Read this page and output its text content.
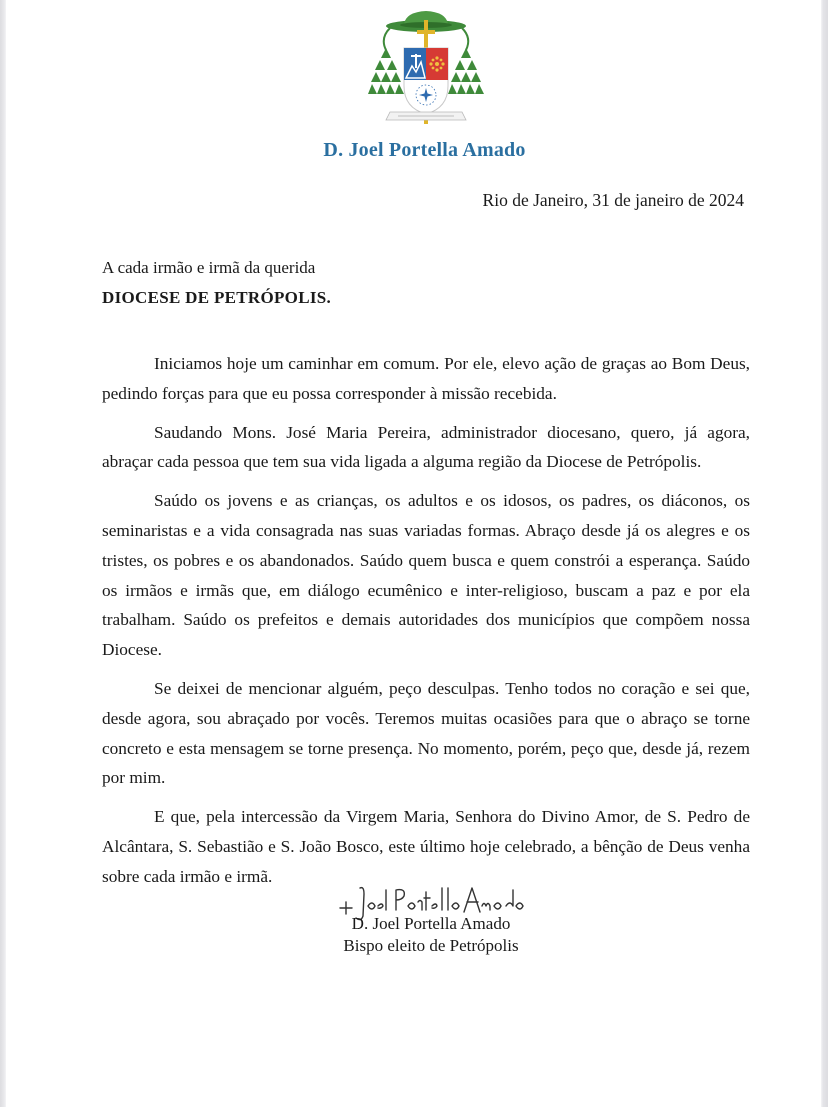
D. Joel Portella Amado
Rio de Janeiro, 31 de janeiro de 2024
A cada irmão e irmã da querida
DIOCESE DE PETRÓPOLIS.

Iniciamos hoje um caminhar em comum. Por ele, elevo ação de graças ao Bom Deus, pedindo forças para que eu possa corresponder à missão recebida.

Saudando Mons. José Maria Pereira, administrador diocesano, quero, já agora, abraçar cada pessoa que tem sua vida ligada a alguma região da Diocese de Petrópolis.

Saúdo os jovens e as crianças, os adultos e os idosos, os padres, os diáconos, os seminaristas e a vida consagrada nas suas variadas formas. Abraço desde já os alegres e os tristes, os pobres e os abandonados. Saúdo quem busca e quem constrói a esperança. Saúdo os irmãos e irmãs que, em diálogo ecumênico e inter-religioso, buscam a paz e por ela trabalham. Saúdo os prefeitos e demais autoridades dos municípios que compõem nossa Diocese.

Se deixei de mencionar alguém, peço desculpas. Tenho todos no coração e sei que, desde agora, sou abraçado por vocês. Teremos muitas ocasiões para que o abraço se torne concreto e esta mensagem se torne presença. No momento, porém, peço que, desde já, rezem por mim.

E que, pela intercessão da Virgem Maria, Senhora do Divino Amor, de S. Pedro de Alcântara, S. Sebastião e S. João Bosco, este último hoje celebrado, a bênção de Deus venha sobre cada irmão e irmã.

D. Joel Portella Amado
Bispo eleito de Petrópolis
